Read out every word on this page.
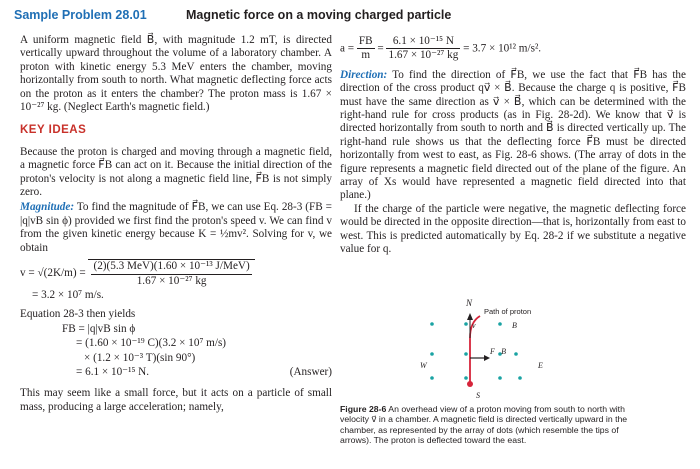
Sample Problem 28.01	Magnetic force on a moving charged particle

A uniform magnetic field B⃗, with magnitude 1.2 mT, is directed vertically upward throughout the volume of a laboratory chamber. A proton with kinetic energy 5.3 MeV enters the chamber, moving horizontally from south to north. What magnetic deflecting force acts on the proton as it enters the chamber? The proton mass is 1.67 × 10⁻²⁷ kg. (Neglect Earth's magnetic field.)

KEY IDEAS

Because the proton is charged and moving through a magnetic field, a magnetic force F⃗B can act on it. Because the initial direction of the proton's velocity is not along a magnetic field line, F⃗B is not simply zero.

Magnitude: To find the magnitude of F⃗B, we can use Eq. 28-3 (FB = |q|vB sin ϕ) provided we first find the proton's speed v. We can find v from the given kinetic energy because K = ½mv². Solving for v, we obtain

$v = √(2K/m) = \frac{\text{(2)(5.3 MeV)(1.60 × 10⁻¹³ J/MeV)}}{\text{1.67 × 10⁻²⁷ kg}}$
= 3.2 × 10⁷ m/s.
Equation 28-3 then yields
FB = |q|vB sin ϕ
= (1.60 × 10⁻¹⁹ C)(3.2 × 10⁷ m/s)
× (1.2 × 10⁻³ T)(sin 90°)
= 6.1 × 10⁻¹⁵ N.	(Answer)

This may seem like a small force, but it acts on a particle of small mass, producing a large acceleration; namely,

$a = \frac{FB}{m} = \frac{\text{6.1 × 10⁻¹⁵ N}}{\text{1.67 × 10⁻²⁷ kg}} = 3.7 \times 10^{12}$ m/s².

Direction: To find the direction of F⃗B, we use the fact that F⃗B has the direction of the cross product qv⃗ × B⃗. Because the charge q is positive, F⃗B must have the same direction as v⃗ × B⃗, which can be determined with the right-hand rule for cross products (as in Fig. 28-2d). We know that v⃗ is directed horizontally from south to north and B⃗ is directed vertically up. The right-hand rule shows us that the deflecting force F⃗B must be directed horizontally from west to east, as Fig. 28-6 shows. (The array of dots in the figure represents a magnetic field directed out of the plane of the figure. An array of Xs would have represented a magnetic field directed into that plane.)

If the charge of the particle were negative, the magnetic deflecting force would be directed in the opposite direction—that is, horizontally from east to west. This is predicted automatically by Eq. 28-2 if we substitute a negative value for q.

N
Path of proton
v⃗	B⃗
F⃗B
W	E
S
Figure 28-6 An overhead view of a proton moving from south to north with velocity v⃗ in a chamber. A magnetic field is directed vertically upward in the chamber, as represented by the array of dots (which resemble the tips of arrows). The proton is deflected toward the east.
